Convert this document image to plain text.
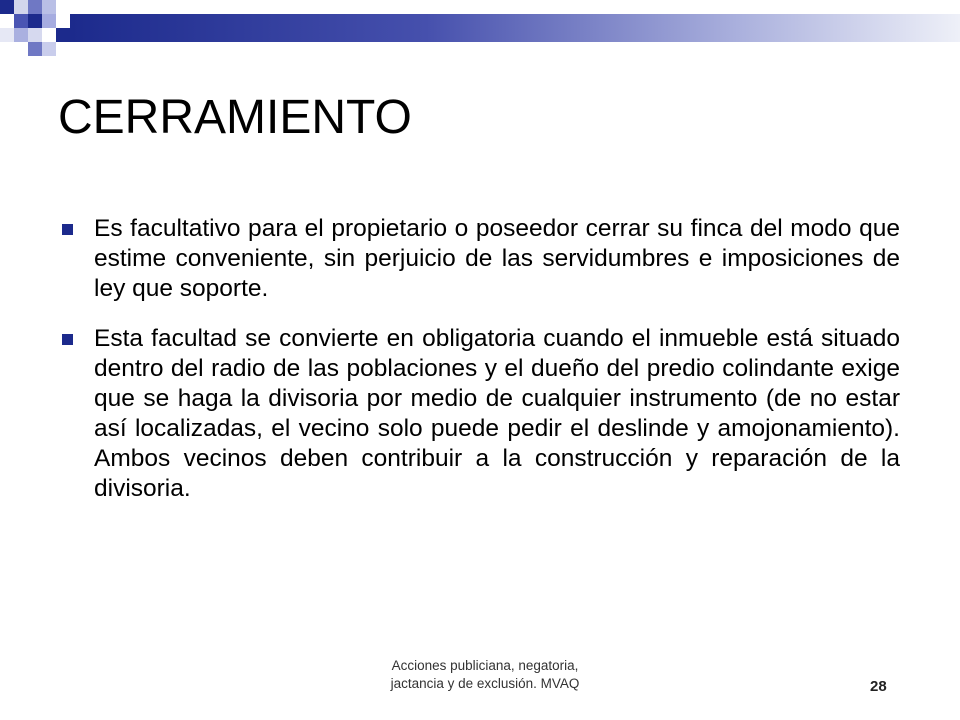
CERRAMIENTO
Es facultativo para el propietario o poseedor cerrar su finca del modo que estime conveniente, sin perjuicio de las servidumbres e imposiciones de ley que soporte.
Esta facultad se convierte en obligatoria cuando el inmueble está situado dentro del radio de las poblaciones y el dueño del predio colindante exige que se haga la divisoria por medio de cualquier instrumento (de no estar así localizadas, el vecino solo puede pedir el deslinde y amojonamiento). Ambos vecinos deben contribuir a la construcción y reparación de la divisoria.
Acciones publiciana, negatoria,
jactancia y de exclusión. MVAQ	28
